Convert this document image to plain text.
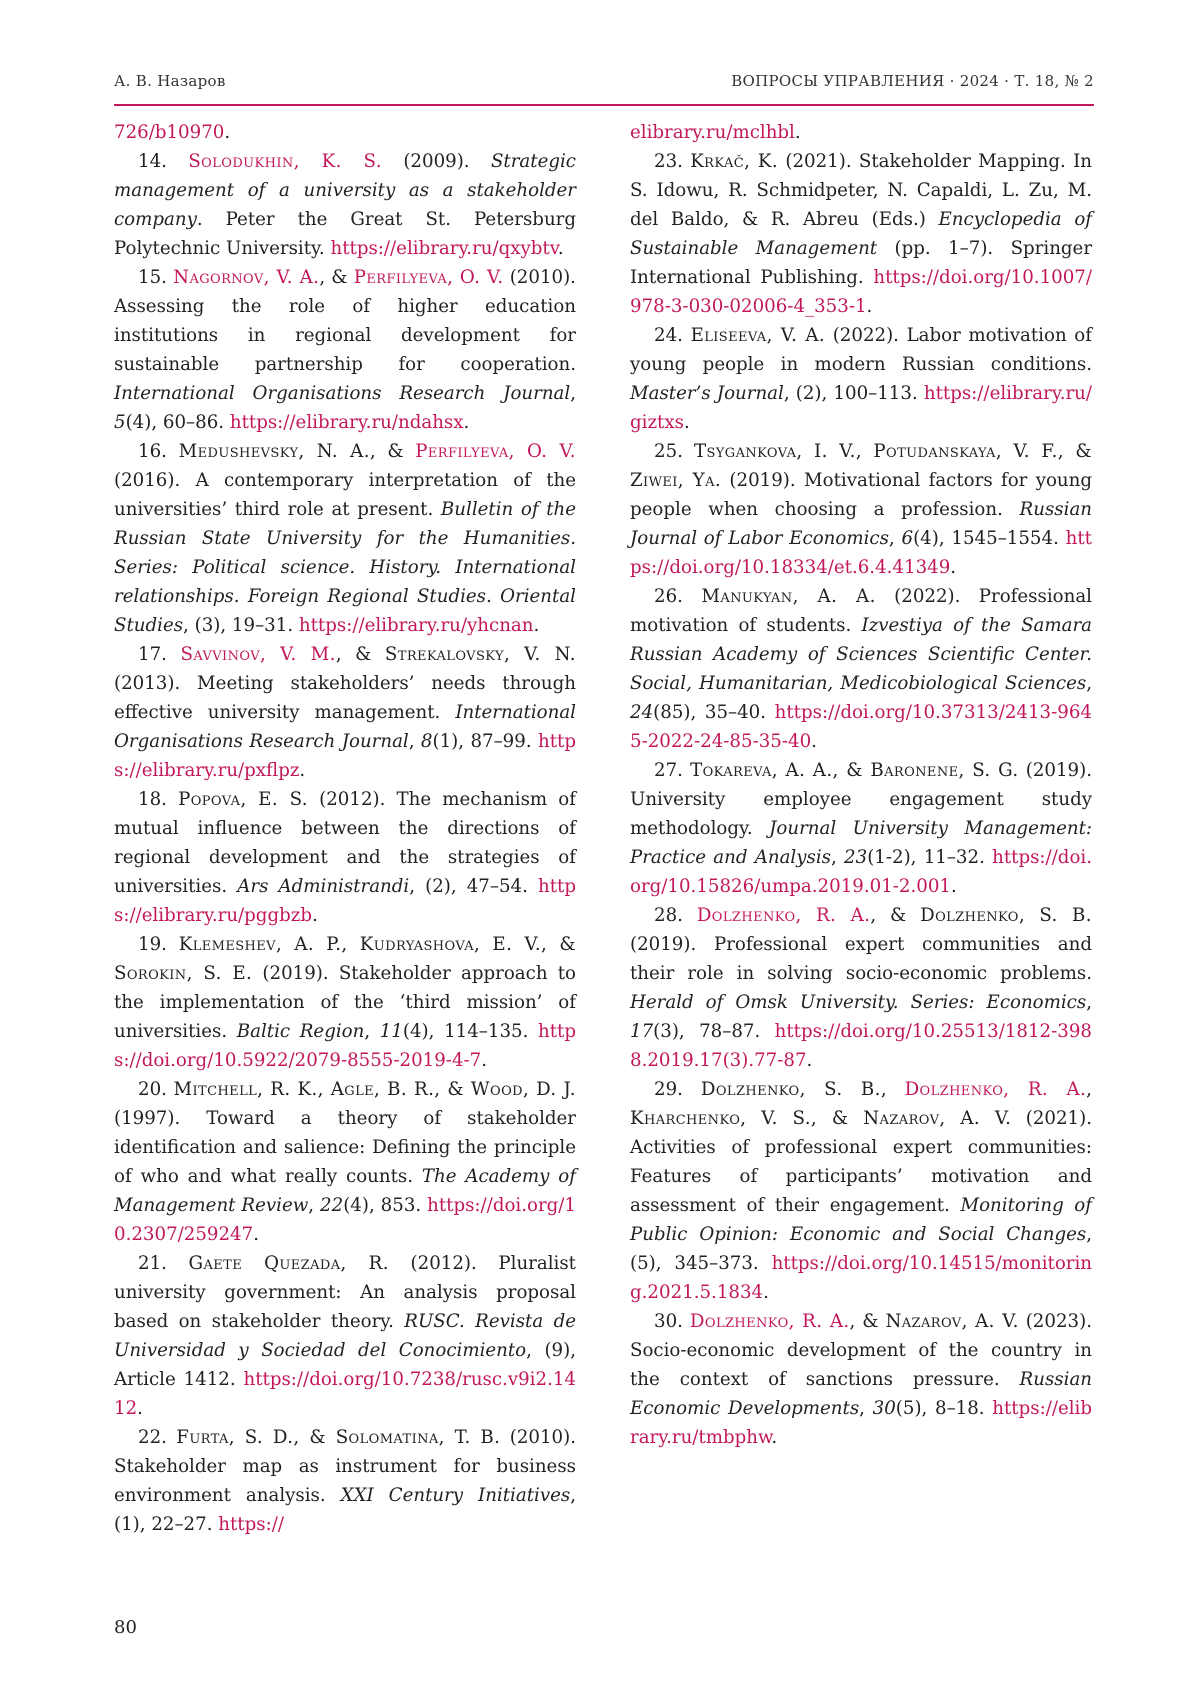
А. В. Назаров	ВОПРОСЫ УПРАВЛЕНИЯ · 2024 · Т. 18, № 2

726/b10970.

14. Solodukhin, K. S. (2009). Strategic management of a university as a stakeholder company. Peter the Great St. Petersburg Polytechnic University. https://elibrary.ru/qxybtv.

15. Nagornov, V. A., & Perfilyeva, O. V. (2010). Assessing the role of higher education institutions in regional development for sustainable partnership for cooperation. International Organisations Research Journal, 5(4), 60–86. https://elibrary.ru/ndahsx.

16. Medushevsky, N. A., & Perfilyeva, O. V. (2016). A contemporary interpretation of the universities’ third role at present. Bulletin of the Russian State University for the Humanities. Series: Political science. History. International relationships. Foreign Regional Studies. Oriental Studies, (3), 19–31. https://elibrary.ru/yhcnan.

17. Savvinov, V. M., & Strekalovsky, V. N. (2013). Meeting stakeholders’ needs through effective university management. International Organisations Research Journal, 8(1), 87–99. https://elibrary.ru/pxflpz.

18. Popova, E. S. (2012). The mechanism of mutual influence between the directions of regional development and the strategies of universities. Ars Administrandi, (2), 47–54. https://elibrary.ru/pggbzb.

19. Klemeshev, A. P., Kudryashova, E. V., & Sorokin, S. E. (2019). Stakeholder approach to the implementation of the ‘third mission’ of universities. Baltic Region, 11(4), 114–135. https://doi.org/10.5922/2079-8555-2019-4-7.

20. Mitchell, R. K., Agle, B. R., & Wood, D. J. (1997). Toward a theory of stakeholder identification and salience: Defining the principle of who and what really counts. The Academy of Management Review, 22(4), 853. https://doi.org/10.2307/259247.

21. Gaete Quezada, R. (2012). Pluralist university government: An analysis proposal based on stakeholder theory. RUSC. Revista de Universidad y Sociedad del Conocimiento, (9), Article 1412. https://doi.org/10.7238/rusc.v9i2.1412.

22. Furta, S. D., & Solomatina, T. B. (2010). Stakeholder map as instrument for business environment analysis. XXI Century Initiatives, (1), 22–27. https://

elibrary.ru/mclhbl.

23. Krkač, K. (2021). Stakeholder Mapping. In S. Idowu, R. Schmidpeter, N. Capaldi, L. Zu, M. del Baldo, & R. Abreu (Eds.) Encyclopedia of Sustainable Management (pp. 1–7). Springer International Publishing. https://doi.org/10.1007/978-3-030-02006-4_353-1.

24. Eliseeva, V. A. (2022). Labor motivation of young people in modern Russian conditions. Master’s Journal, (2), 100–113. https://elibrary.ru/giztxs.

25. Tsygankova, I. V., Potudanskaya, V. F., & Ziwei, Ya. (2019). Motivational factors for young people when choosing a profession. Russian Journal of Labor Economics, 6(4), 1545–1554. https://doi.org/10.18334/et.6.4.41349.

26. Manukyan, A. A. (2022). Professional motivation of students. Izvestiya of the Samara Russian Academy of Sciences Scientific Center. Social, Humanitarian, Medicobiological Sciences, 24(85), 35–40. https://doi.org/10.37313/2413-9645-2022-24-85-35-40.

27. Tokareva, A. A., & Baronene, S. G. (2019). University employee engagement study methodology. Journal University Management: Practice and Analysis, 23(1-2), 11–32. https://doi.org/10.15826/umpa.2019.01-2.001.

28. Dolzhenko, R. A., & Dolzhenko, S. B. (2019). Professional expert communities and their role in solving socio-economic problems. Herald of Omsk University. Series: Economics, 17(3), 78–87. https://doi.org/10.25513/1812-3988.2019.17(3).77-87.

29. Dolzhenko, S. B., Dolzhenko, R. A., Kharchenko, V. S., & Nazarov, A. V. (2021). Activities of professional expert communities: Features of participants’ motivation and assessment of their engagement. Monitoring of Public Opinion: Economic and Social Changes, (5), 345–373. https://doi.org/10.14515/monitoring.2021.5.1834.

30. Dolzhenko, R. A., & Nazarov, A. V. (2023). Socio-economic development of the country in the context of sanctions pressure. Russian Economic Developments, 30(5), 8–18. https://elibrary.ru/tmbphw.

80
